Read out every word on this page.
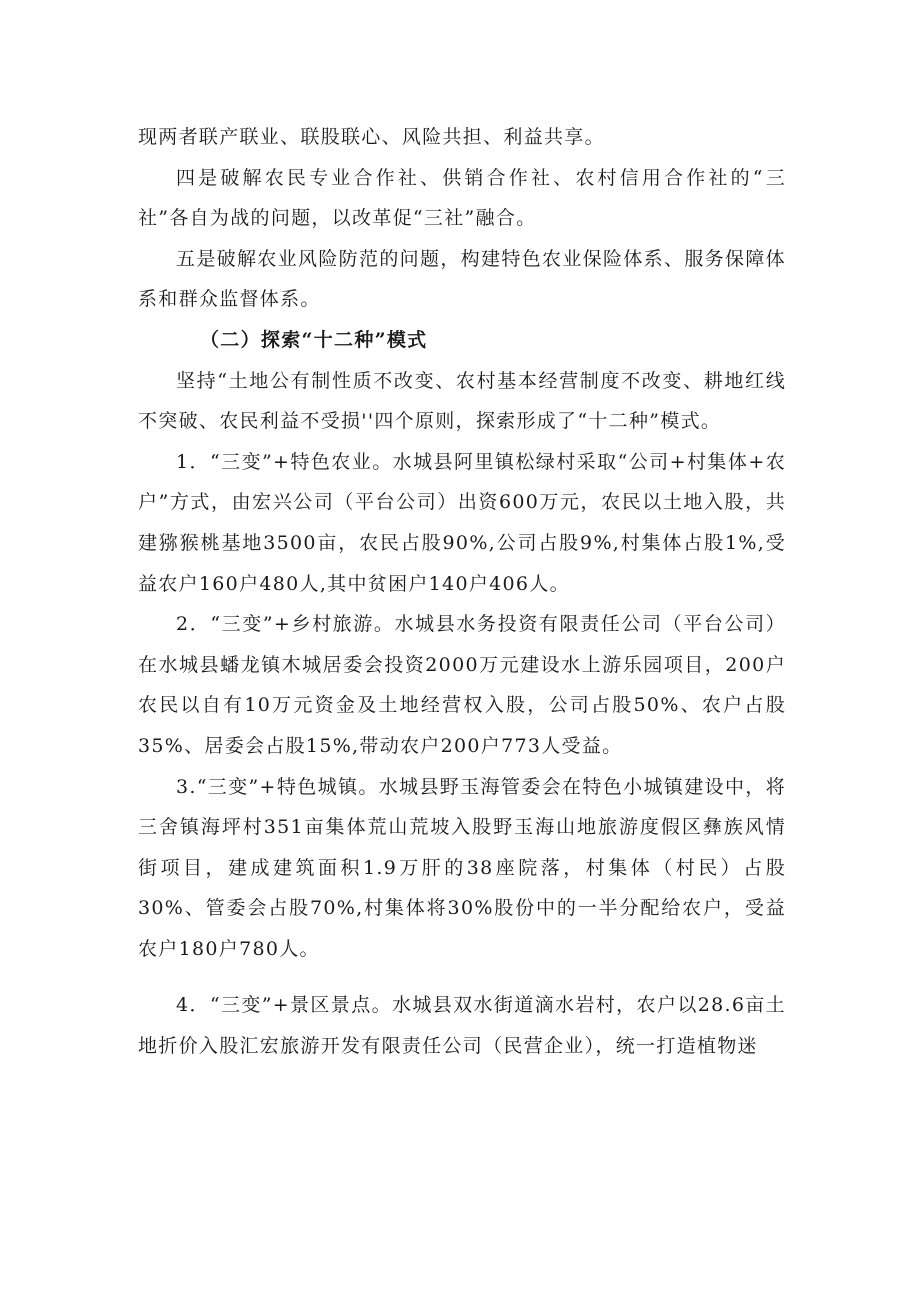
现两者联产联业、联股联心、风险共担、利益共享。

四是破解农民专业合作社、供销合作社、农村信用合作社的“三社”各自为战的问题，以改革促“三社”融合。

五是破解农业风险防范的问题，构建特色农业保险体系、服务保障体系和群众监督体系。

（二）探索“十二种”模式

坚持“土地公有制性质不改变、农村基本经营制度不改变、耕地红线不突破、农民利益不受损''四个原则，探索形成了“十二种”模式。

1．“三变”+特色农业。水城县阿里镇松绿村采取“公司+村集体+农户”方式，由宏兴公司（平台公司）出资600万元，农民以土地入股，共建猕猴桃基地3500亩，农民占股90%,公司占股9%,村集体占股1%,受益农户160户480人,其中贫困户140户406人。

2．“三变”+乡村旅游。水城县水务投资有限责任公司（平台公司）在水城县蟠龙镇木城居委会投资2000万元建设水上游乐园项目，200户农民以自有10万元资金及土地经营权入股，公司占股50%、农户占股35%、居委会占股15%,带动农户200户773人受益。

3.“三变”+特色城镇。水城县野玉海管委会在特色小城镇建设中，将三舍镇海坪村351亩集体荒山荒坡入股野玉海山地旅游度假区彝族风情街项目，建成建筑面积1.9万肝的38座院落，村集体（村民）占股30%、管委会占股70%,村集体将30%股份中的一半分配给农户，受益农户180户780人。

4．“三变”+景区景点。水城县双水街道滴水岩村，农户以28.6亩土地折价入股汇宏旅游开发有限责任公司（民营企业），统一打造植物迷
